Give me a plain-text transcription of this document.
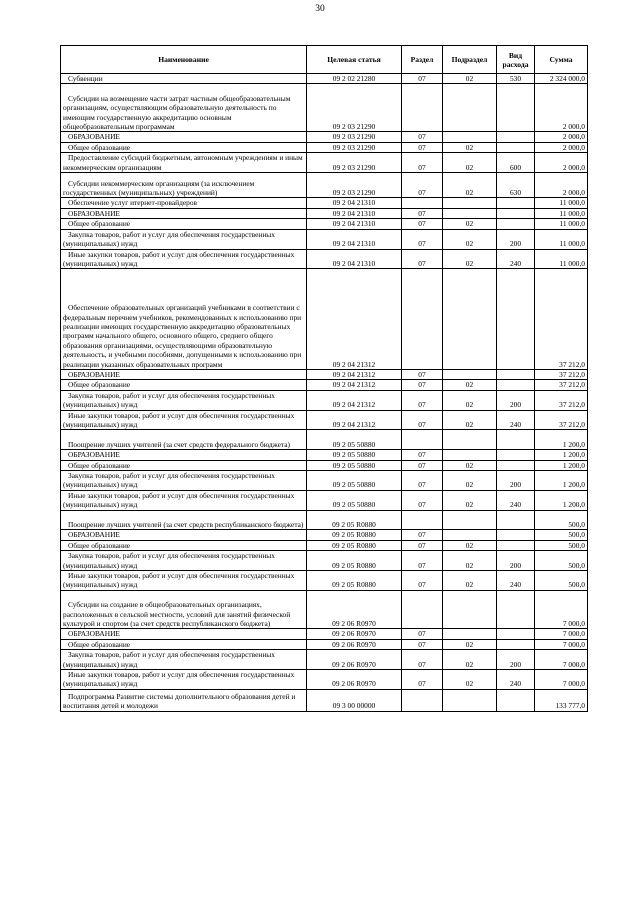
30
Наименование	Целевая статья	Раздел	Подраздел	Вид расхода	Сумма
Субвенции	09 2 02 21280	07	02	530	2 324 000,0
Субсидии на возмещение части затрат частным общеобразовательным организациям, осуществляющим образовательную деятельность по имеющим государственную аккредитацию основным общеобразовательным программам	09 2 03 21290				2 000,0
ОБРАЗОВАНИЕ	09 2 03 21290	07			2 000,0
Общее образование	09 2 03 21290	07	02		2 000,0
Предоставление субсидий бюджетным, автономным учреждениям и иным некоммерческим организациям	09 2 03 21290	07	02	600	2 000,0
Субсидии некоммерческим организациям (за исключением государственных (муниципальных) учреждений)	09 2 03 21290	07	02	630	2 000,0
Обеспечение услуг итернет-провайдеров	09 2 04 21310				11 000,0
ОБРАЗОВАНИЕ	09 2 04 21310	07			11 000,0
Общее образование	09 2 04 21310	07	02		11 000,0
Закупка товаров, работ и услуг для обеспечения государственных (муниципальных) нужд	09 2 04 21310	07	02	200	11 000,0
Иные закупки товаров, работ и услуг для обеспечения государственных (муниципальных) нужд	09 2 04 21310	07	02	240	11 000,0
Обеспечение образовательных организаций учебниками в соответствии с федеральным перечнем учебников, рекомендованных к использованию при реализации имеющих государственную аккредитацию образовательных программ начального общего, основного общего, среднего общего образования организациями, осуществляющими образовательную деятельность, и учебными пособиями, допущенными к использованию при реализации указанных образовательных программ	09 2 04 21312				37 212,0
ОБРАЗОВАНИЕ	09 2 04 21312	07			37 212,0
Общее образование	09 2 04 21312	07	02		37 212,0
Закупка товаров, работ и услуг для обеспечения государственных (муниципальных) нужд	09 2 04 21312	07	02	200	37 212,0
Иные закупки товаров, работ и услуг для обеспечения государственных (муниципальных) нужд	09 2 04 21312	07	02	240	37 212,0
Поощрение лучших учителей (за счет средств федерального бюджета)	09 2 05 50880				1 200,0
ОБРАЗОВАНИЕ	09 2 05 50880	07			1 200,0
Общее образование	09 2 05 50880	07	02		1 200,0
Закупка товаров, работ и услуг для обеспечения государственных (муниципальных) нужд	09 2 05 50880	07	02	200	1 200,0
Иные закупки товаров, работ и услуг для обеспечения государственных (муниципальных) нужд	09 2 05 50880	07	02	240	1 200,0
Поощрение лучших учителей (за счет средств республиканского бюджета)	09 2 05 R0880				500,0
ОБРАЗОВАНИЕ	09 2 05 R0880	07			500,0
Общее образование	09 2 05 R0880	07	02		500,0
Закупка товаров, работ и услуг для обеспечения государственных (муниципальных) нужд	09 2 05 R0880	07	02	200	500,0
Иные закупки товаров, работ и услуг для обеспечения государственных (муниципальных) нужд	09 2 05 R0880	07	02	240	500,0
Субсидии на создание в общеобразовательных организациях, расположенных в сельской местности, условий для занятий физической культурой и спортом (за счет средств республиканского бюджета)	09 2 06 R0970				7 000,0
ОБРАЗОВАНИЕ	09 2 06 R0970	07			7 000,0
Общее образование	09 2 06 R0970	07	02		7 000,0
Закупка товаров, работ и услуг для обеспечения государственных (муниципальных) нужд	09 2 06 R0970	07	02	200	7 000,0
Иные закупки товаров, работ и услуг для обеспечения государственных (муниципальных) нужд	09 2 06 R0970	07	02	240	7 000,0
Подпрограмма Развитие системы дополнительного образования детей и воспитания детей и молодежи	09 3 00 00000				133 777,0
